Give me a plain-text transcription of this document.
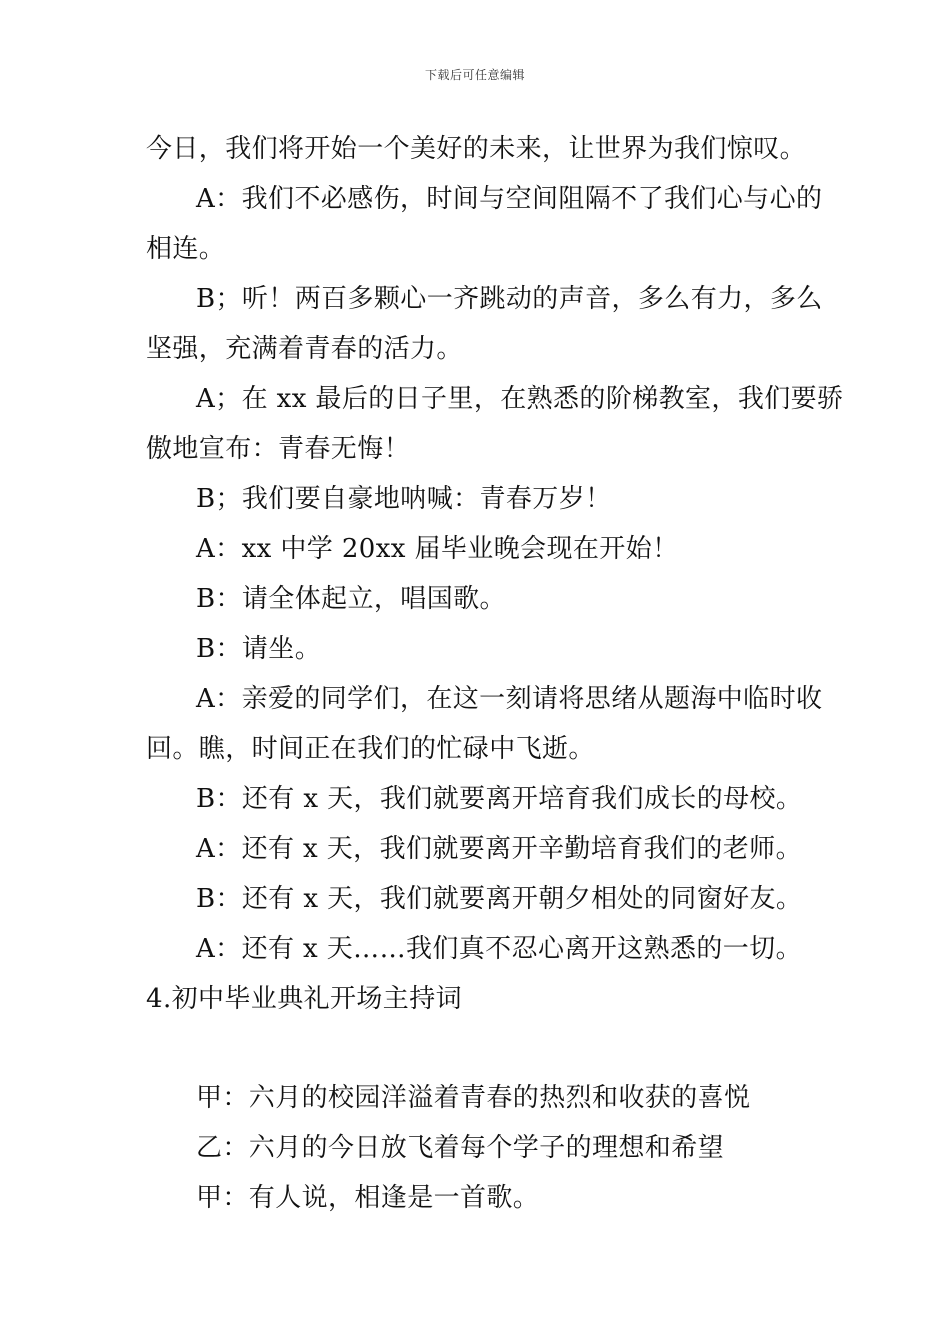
下载后可任意编辑
今日，我们将开始一个美好的未来，让世界为我们惊叹。
A：我们不必感伤，时间与空间阻隔不了我们心与心的
相连。
B；听！两百多颗心一齐跳动的声音，多么有力，多么
坚强，充满着青春的活力。
A；在 xx 最后的日子里，在熟悉的阶梯教室，我们要骄
傲地宣布：青春无悔！
B；我们要自豪地呐喊：青春万岁！
A：xx 中学 20xx 届毕业晚会现在开始！
B：请全体起立，唱国歌。
B：请坐。
A：亲爱的同学们，在这一刻请将思绪从题海中临时收
回。瞧，时间正在我们的忙碌中飞逝。
B：还有 x 天，我们就要离开培育我们成长的母校。
A：还有 x 天，我们就要离开辛勤培育我们的老师。
B：还有 x 天，我们就要离开朝夕相处的同窗好友。
A：还有 x 天……我们真不忍心离开这熟悉的一切。
4.初中毕业典礼开场主持词
甲：六月的校园洋溢着青春的热烈和收获的喜悦
乙：六月的今日放飞着每个学子的理想和希望
甲：有人说，相逢是一首歌。
